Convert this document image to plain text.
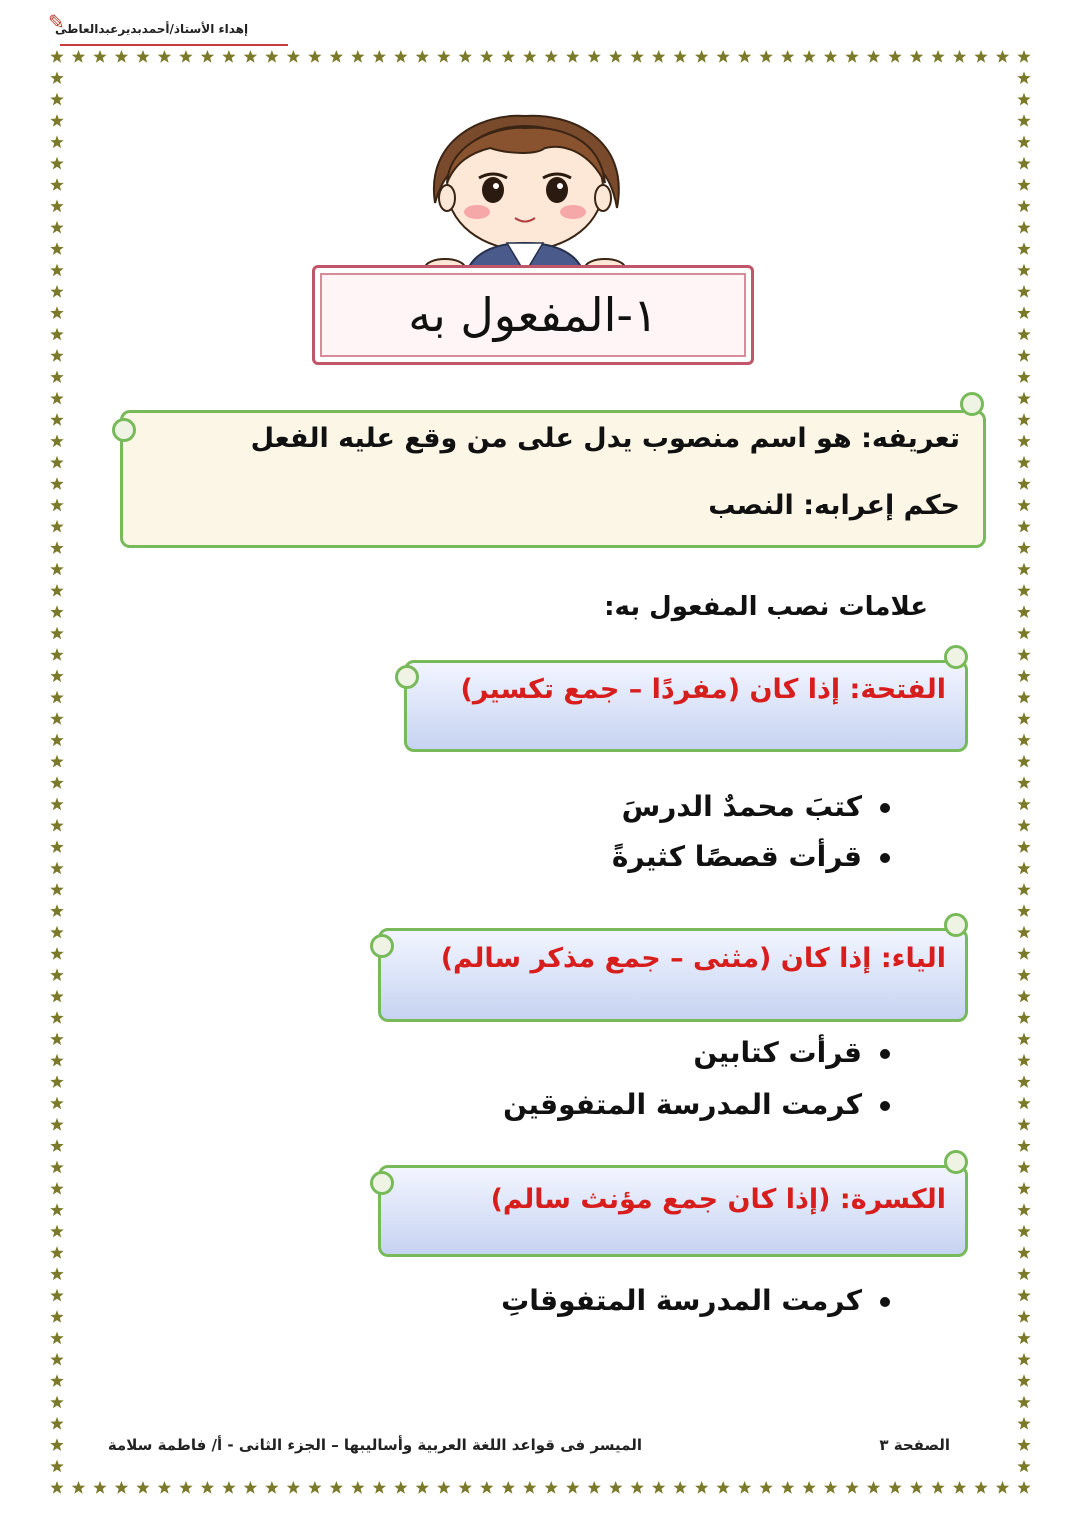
✎
إهداء الأستاذ/أحمدبديرعبدالعاطى
١-المفعول به
تعريفه: هو اسم منصوب يدل على من وقع عليه الفعل
حكم إعرابه: النصب
علامات نصب المفعول به:
الفتحة: إذا كان (مفردًا – جمع تكسير)
كتبَ محمدٌ الدرسَ
قرأت قصصًا كثيرةً
الياء: إذا كان (مثنى – جمع مذكر سالم)
قرأت كتابين
كرمت المدرسة المتفوقين
الكسرة: (إذا كان جمع مؤنث سالم)
كرمت المدرسة المتفوقاتِ
الصفحة ٣
الميسر فى قواعد اللغة العربية وأساليبها – الجزء الثانى - أ/ فاطمة سلامة
